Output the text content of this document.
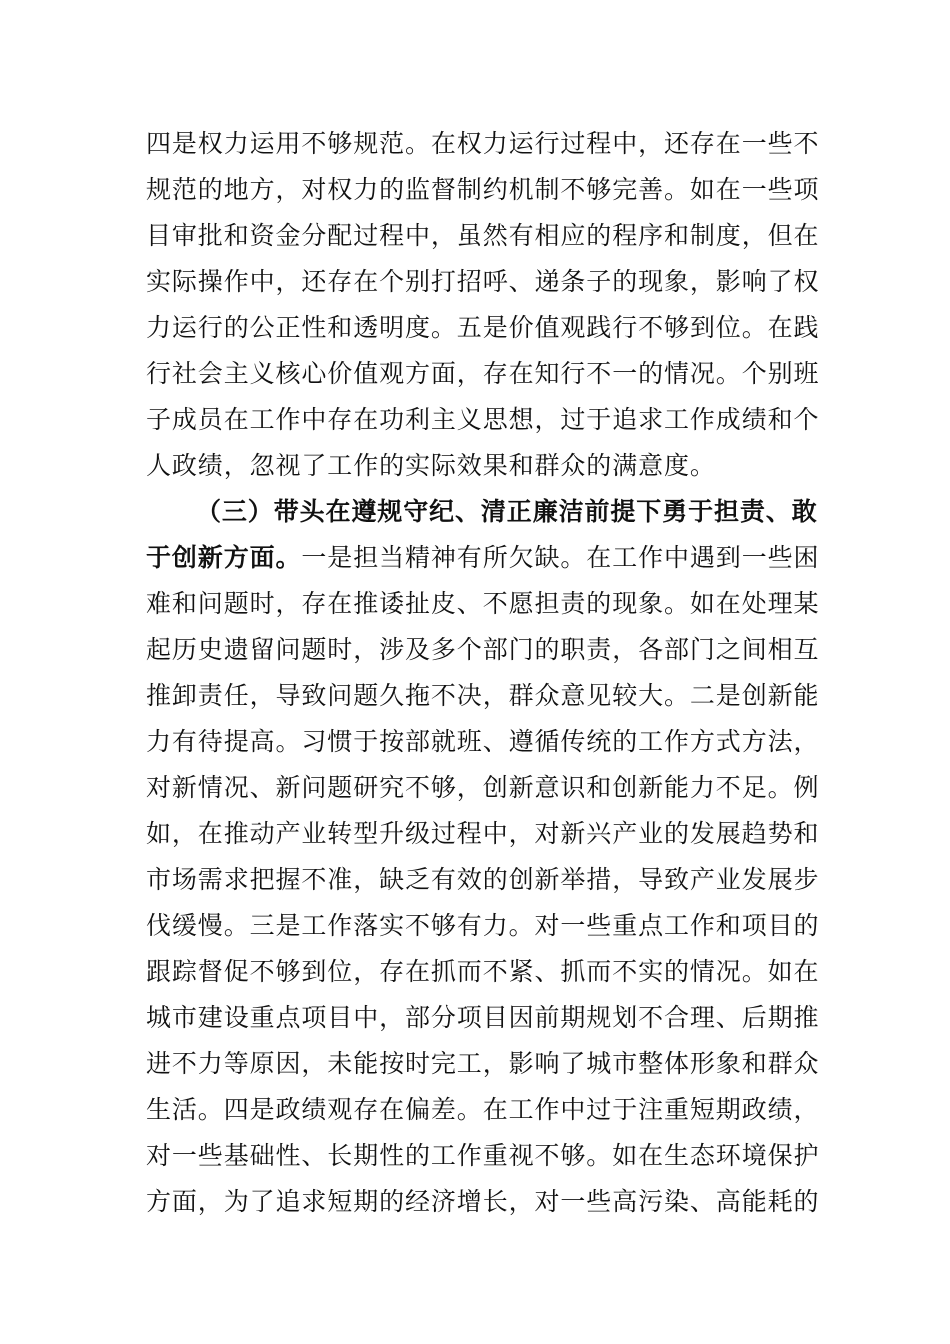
四是权力运用不够规范。在权力运行过程中，还存在一些不
规范的地方，对权力的监督制约机制不够完善。如在一些项
目审批和资金分配过程中，虽然有相应的程序和制度，但在
实际操作中，还存在个别打招呼、递条子的现象，影响了权
力运行的公正性和透明度。五是价值观践行不够到位。在践
行社会主义核心价值观方面，存在知行不一的情况。个别班
子成员在工作中存在功利主义思想，过于追求工作成绩和个
人政绩，忽视了工作的实际效果和群众的满意度。
（三）带头在遵规守纪、清正廉洁前提下勇于担责、敢
于创新方面。一是担当精神有所欠缺。在工作中遇到一些困
难和问题时，存在推诿扯皮、不愿担责的现象。如在处理某
起历史遗留问题时，涉及多个部门的职责，各部门之间相互
推卸责任，导致问题久拖不决，群众意见较大。二是创新能
力有待提高。习惯于按部就班、遵循传统的工作方式方法，
对新情况、新问题研究不够，创新意识和创新能力不足。例
如，在推动产业转型升级过程中，对新兴产业的发展趋势和
市场需求把握不准，缺乏有效的创新举措，导致产业发展步
伐缓慢。三是工作落实不够有力。对一些重点工作和项目的
跟踪督促不够到位，存在抓而不紧、抓而不实的情况。如在
城市建设重点项目中，部分项目因前期规划不合理、后期推
进不力等原因，未能按时完工，影响了城市整体形象和群众
生活。四是政绩观存在偏差。在工作中过于注重短期政绩，
对一些基础性、长期性的工作重视不够。如在生态环境保护
方面，为了追求短期的经济增长，对一些高污染、高能耗的
